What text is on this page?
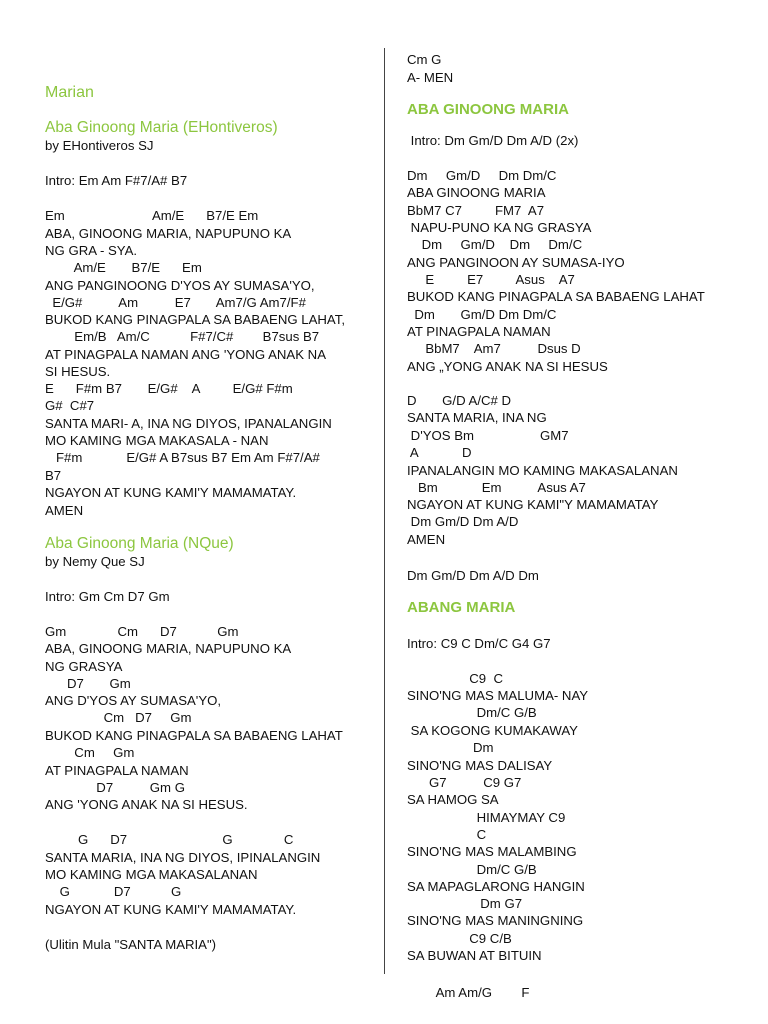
Marian
Aba Ginoong Maria (EHontiveros)
by EHontiveros SJ
Intro: Em Am F#7/A# B7
Em                        Am/E      B7/E Em
ABA, GINOONG MARIA, NAPUPUNO KA
NG GRA - SYA.
Am/E       B7/E      Em
ANG PANGINOONG D'YOS AY SUMASA'YO,
E/G#          Am          E7       Am7/G Am7/F#
BUKOD KANG PINAGPALA SA BABAENG LAHAT,
Em/B   Am/C           F#7/C#        B7sus B7
AT PINAGPALA NAMAN ANG 'YONG ANAK NA
SI HESUS.
E      F#m B7       E/G#    A         E/G# F#m
G#  C#7
SANTA MARI- A, INA NG DIYOS, IPANALANGIN
MO KAMING MGA MAKASALA - NAN
F#m            E/G# A B7sus B7 Em Am F#7/A#
B7
NGAYON AT KUNG KAMI'Y MAMAMATAY.
AMEN
Aba Ginoong Maria (NQue)
by Nemy Que SJ
Intro: Gm Cm D7 Gm
Gm              Cm      D7           Gm
ABA, GINOONG MARIA, NAPUPUNO KA
NG GRASYA
D7       Gm
ANG D'YOS AY SUMASA'YO,
Cm   D7     Gm
BUKOD KANG PINAGPALA SA BABAENG LAHAT
Cm     Gm
AT PINAGPALA NAMAN
D7          Gm G
ANG 'YONG ANAK NA SI HESUS.
G      D7                          G              C
SANTA MARIA, INA NG DIYOS, IPINALANGIN
MO KAMING MGA MAKASALANAN
G            D7           G
NGAYON AT KUNG KAMI'Y MAMAMATAY.
(Ulitin Mula "SANTA MARIA")
Cm G
A- MEN
ABA GINOONG MARIA
Intro: Dm Gm/D Dm A/D (2x)
Dm     Gm/D     Dm Dm/C
ABA GINOONG MARIA
BbM7 C7         FM7  A7
NAPU-PUNO KA NG GRASYA
Dm     Gm/D    Dm     Dm/C
ANG PANGINOON AY SUMASA-IYO
E         E7         Asus    A7
BUKOD KANG PINAGPALA SA BABAENG LAHAT
Dm       Gm/D Dm Dm/C
AT PINAGPALA NAMAN
BbM7    Am7          Dsus D
ANG „YONG ANAK NA SI HESUS
D       G/D A/C# D
SANTA MARIA, INA NG
D'YOS Bm                  GM7
A            D
IPANALANGIN MO KAMING MAKASALANAN
Bm            Em          Asus A7
NGAYON AT KUNG KAMI"Y MAMAMATAY
Dm Gm/D Dm A/D
AMEN
Dm Gm/D Dm A/D Dm
ABANG MARIA
Intro: C9 C Dm/C G4 G7
C9  C
SINO'NG MAS MALUMA- NAY
Dm/C G/B
SA KOGONG KUMAKAWAY
Dm
SINO'NG MAS DALISAY
G7          C9 G7
SA HAMOG SA
HIMAYMAY C9
C
SINO'NG MAS MALAMBING
Dm/C G/B
SA MAPAGLARONG HANGIN
Dm G7
SINO'NG MAS MANINGNING
C9 C/B
SA BUWAN AT BITUIN
Am Am/G        F
